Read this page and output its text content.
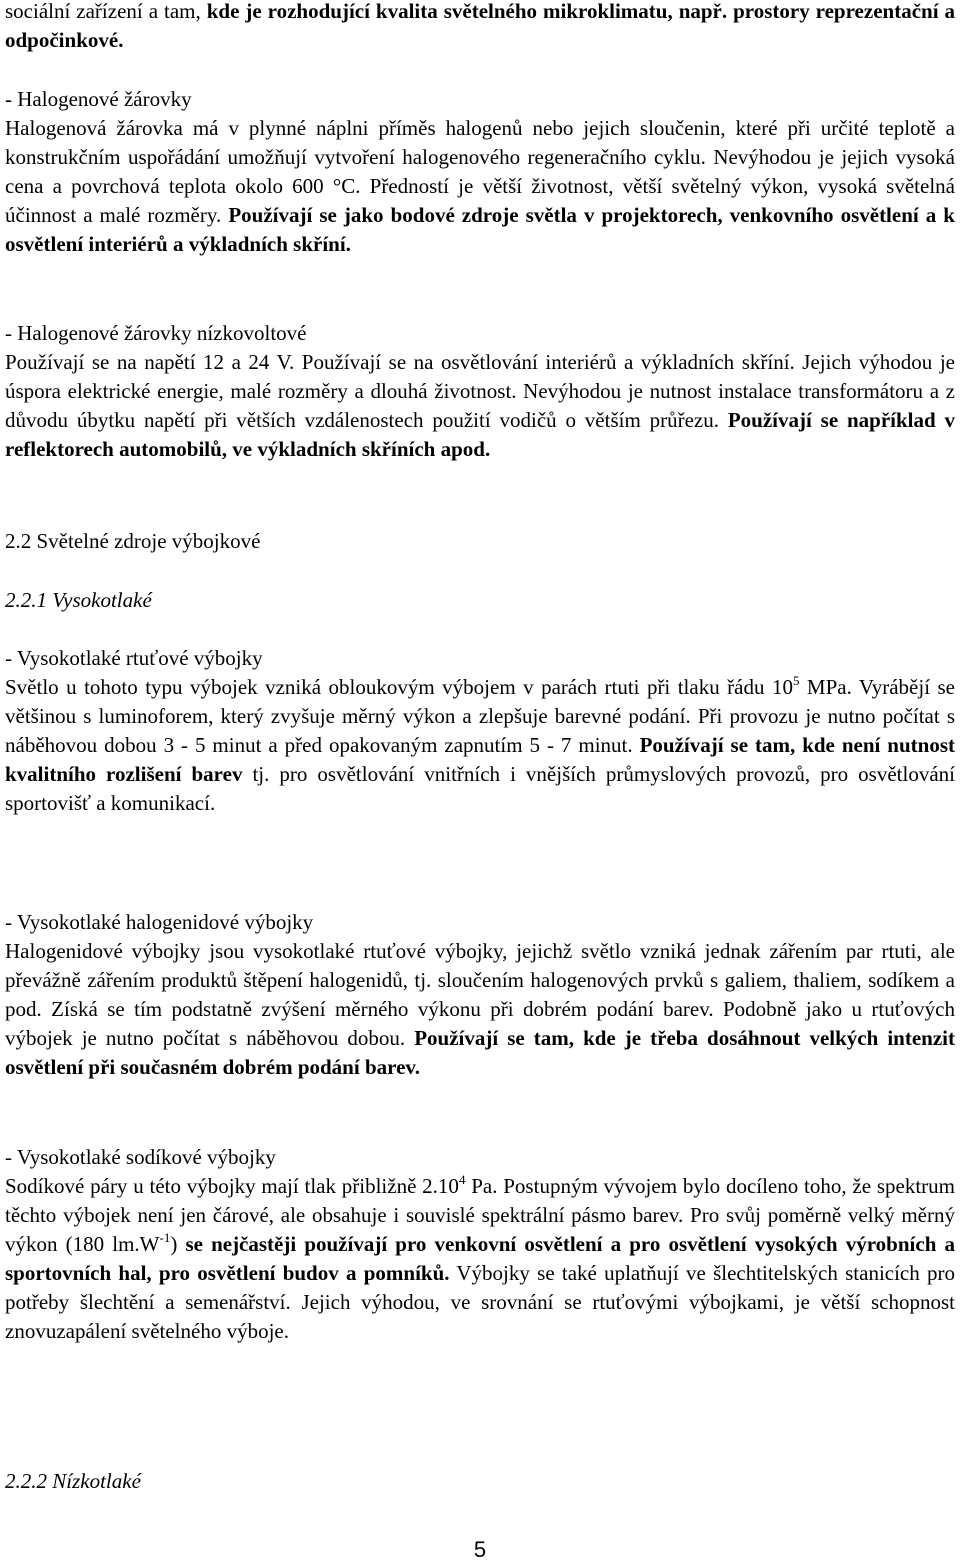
sociální zařízení a tam, kde je rozhodující kvalita světelného mikroklimatu, např. prostory reprezentační a odpočinkové.

- Halogenové žárovky

Halogenová žárovka má v plynné náplni příměs halogenů nebo jejich sloučenin, které při určité teplotě a konstrukčním uspořádání umožňují vytvoření halogenového regeneračního cyklu. Nevýhodou je jejich vysoká cena a povrchová teplota okolo 600 °C. Předností je větší životnost, větší světelný výkon, vysoká světelná účinnost a malé rozměry. Používají se jako bodové zdroje světla v projektorech, venkovního osvětlení a k osvětlení interiérů a výkladních skříní.

- Halogenové žárovky nízkovoltové

Používají se na napětí 12 a 24 V. Používají se na osvětlování interiérů a výkladních skříní. Jejich výhodou je úspora elektrické energie, malé rozměry a dlouhá životnost. Nevýhodou je nutnost instalace transformátoru a z důvodu úbytku napětí při větších vzdálenostech použití vodičů o větším průřezu. Používají se například v reflektorech automobilů, ve výkladních skříních apod.

2.2 Světelné zdroje výbojkové

2.2.1 Vysokotlaké

- Vysokotlaké rtuťové výbojky

Světlo u tohoto typu výbojek vzniká obloukovým výbojem v parách rtuti při tlaku řádu $10^5$ MPa. Vyrábějí se většinou s luminoforem, který zvyšuje měrný výkon a zlepšuje barevné podání. Při provozu je nutno počítat s náběhovou dobou 3 - 5 minut a před opakovaným zapnutím 5 - 7 minut. Používají se tam, kde není nutnost kvalitního rozlišení barev tj. pro osvětlování vnitřních i vnějších průmyslových provozů, pro osvětlování sportovišť a komunikací.

- Vysokotlaké halogenidové výbojky

Halogenidové výbojky jsou vysokotlaké rtuťové výbojky, jejichž světlo vzniká jednak zářením par rtuti, ale převážně zářením produktů štěpení halogenidů, tj. sloučením halogenových prvků s galiem, thaliem, sodíkem a pod. Získá se tím podstatně zvýšení měrného výkonu při dobrém podání barev. Podobně jako u rtuťových výbojek je nutno počítat s náběhovou dobou. Používají se tam, kde je třeba dosáhnout velkých intenzit osvětlení při současném dobrém podání barev.

- Vysokotlaké sodíkové výbojky

Sodíkové páry u této výbojky mají tlak přibližně 2.10$^4$ Pa. Postupným vývojem bylo docíleno toho, že spektrum těchto výbojek není jen čárové, ale obsahuje i souvislé spektrální pásmo barev. Pro svůj poměrně velký měrný výkon (180 $lm.W^{-1}$) se nejčastěji používají pro venkovní osvětlení a pro osvětlení vysokých výrobních a sportovních hal, pro osvětlení budov a pomníků. Výbojky se také uplatňují ve šlechtitelských stanicích pro potřeby šlechtění a semenářství. Jejich výhodou, ve srovnání se rtuťovými výbojkami, je větší schopnost znovuzapálení světelného výboje.

2.2.2 Nízkotlaké

5
